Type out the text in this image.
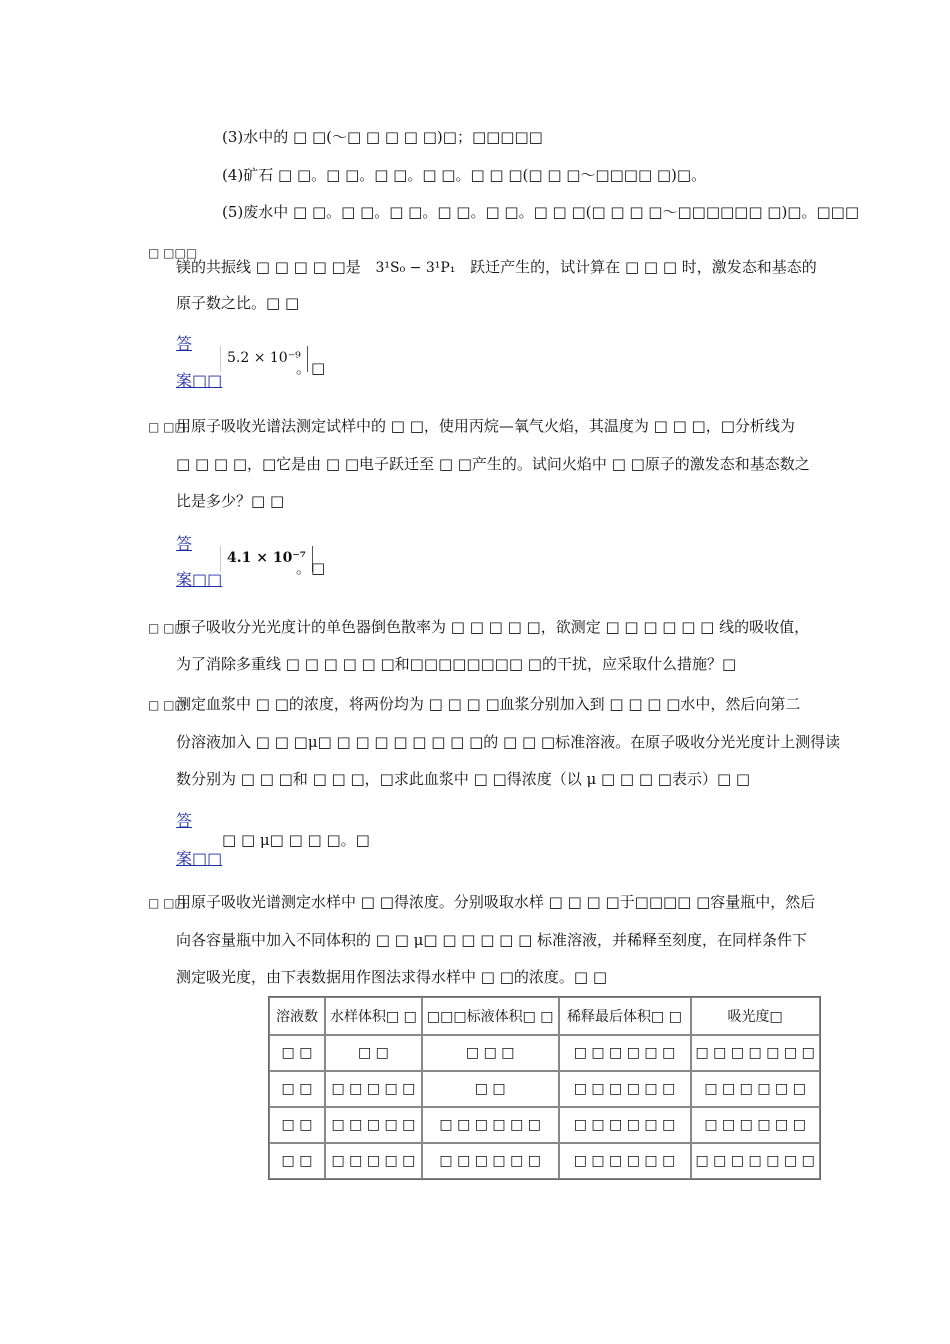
(3)水中的 □ □(～□ □ □ □ □)□；□□□□□
(4)矿石 □ □。□ □。□ □。□ □。□ □ □(□ □ □～□□□□ □)□。
(5)废水中 □ □。□ □。□ □。□ □。□ □。□ □ □(□ □ □ □～□□□□□□ □)□。□□□
□ □□□
镁的共振线 □ □ □ □ □是 3¹S₀ − 3¹P₁ 跃迁产生的，试计算在 □ □ □ 时，激发态和基态的
原子数之比。□ □
答
案□□
5.2 × 10⁻⁹
。□
□ □□
用原子吸收光谱法测定试样中的 □ □，使用丙烷—氧气火焰，其温度为 □ □ □，□分析线为
□ □ □ □，□它是由 □ □电子跃迁至 □ □产生的。试问火焰中 □ □原子的激发态和基态数之
比是多少？□ □
答
案□□
4.1 × 10⁻⁷
。□
□ □□
原子吸收分光光度计的单色器倒色散率为 □ □ □ □ □，欲测定 □ □ □ □ □ □ 线的吸收值，
为了消除多重线 □ □ □ □ □ □和□□□□□□□□ □的干扰，应采取什么措施？□
□ □□
测定血浆中 □ □的浓度，将两份均为 □ □ □ □血浆分别加入到 □ □ □ □水中，然后向第二
份溶液加入 □ □ □μ□ □ □ □ □ □ □ □ □的 □ □ □标准溶液。在原子吸收分光光度计上测得读
数分别为 □ □ □和 □ □ □，□求此血浆中 □ □得浓度（以 μ □ □ □ □表示）□ □
答
案□□
□ □ μ□ □ □ □。□
□ □□
用原子吸收光谱测定水样中 □ □得浓度。分别吸取水样 □ □ □ □于□□□□ □容量瓶中，然后
向各容量瓶中加入不同体积的 □ □ μ□ □ □ □ □ □ 标准溶液，并稀释至刻度，在同样条件下
测定吸光度，由下表数据用作图法求得水样中 □ □的浓度。□ □
溶液数	水样体积□ □	□□□标液体积□ □	稀释最后体积□ □	吸光度□
□ □	□ □	□ □ □	□ □ □ □ □ □	□ □ □ □ □ □ □
□ □	□ □ □ □ □	□ □	□ □ □ □ □ □	□ □ □ □ □ □
□ □	□ □ □ □ □	□ □ □ □ □ □	□ □ □ □ □ □	□ □ □ □ □ □
□ □	□ □ □ □ □	□ □ □ □ □ □	□ □ □ □ □ □	□ □ □ □ □ □ □
